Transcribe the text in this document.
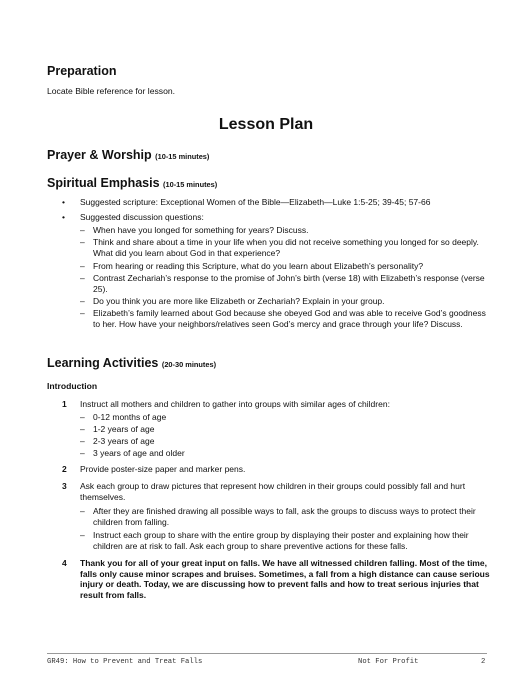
Preparation
Locate Bible reference for lesson.
Lesson Plan
Prayer & Worship (10-15 minutes)
Spiritual Emphasis (10-15 minutes)
• Suggested scripture: Exceptional Women of the Bible—Elizabeth—Luke 1:5-25; 39-45; 57-66
• Suggested discussion questions:
– When have you longed for something for years? Discuss.
– Think and share about a time in your life when you did not receive something you longed for so deeply. What did you learn about God in that experience?
– From hearing or reading this Scripture, what do you learn about Elizabeth’s personality?
– Contrast Zechariah’s response to the promise of John’s birth (verse 18) with Elizabeth’s response (verse 25).
– Do you think you are more like Elizabeth or Zechariah? Explain in your group.
– Elizabeth’s family learned about God because she obeyed God and was able to receive God’s goodness to her. How have your neighbors/relatives seen God’s mercy and grace through your life? Discuss.
Learning Activities (20-30 minutes)
Introduction
1 Instruct all mothers and children to gather into groups with similar ages of children:
– 0-12 months of age
– 1-2 years of age
– 2-3 years of age
– 3 years of age and older
2 Provide poster-size paper and marker pens.
3 Ask each group to draw pictures that represent how children in their groups could possibly fall and hurt themselves.
– After they are finished drawing all possible ways to fall, ask the groups to discuss ways to protect their children from falling.
– Instruct each group to share with the entire group by displaying their poster and explaining how their children are at risk to fall. Ask each group to share preventive actions for these falls.
4 Thank you for all of your great input on falls. We have all witnessed children falling. Most of the time, falls only cause minor scrapes and bruises. Sometimes, a fall from a high distance can cause serious injury or death. Today, we are discussing how to prevent falls and how to treat serious injuries that result from falls.
GR49: How to Prevent and Treat Falls	Not For Profit	2
